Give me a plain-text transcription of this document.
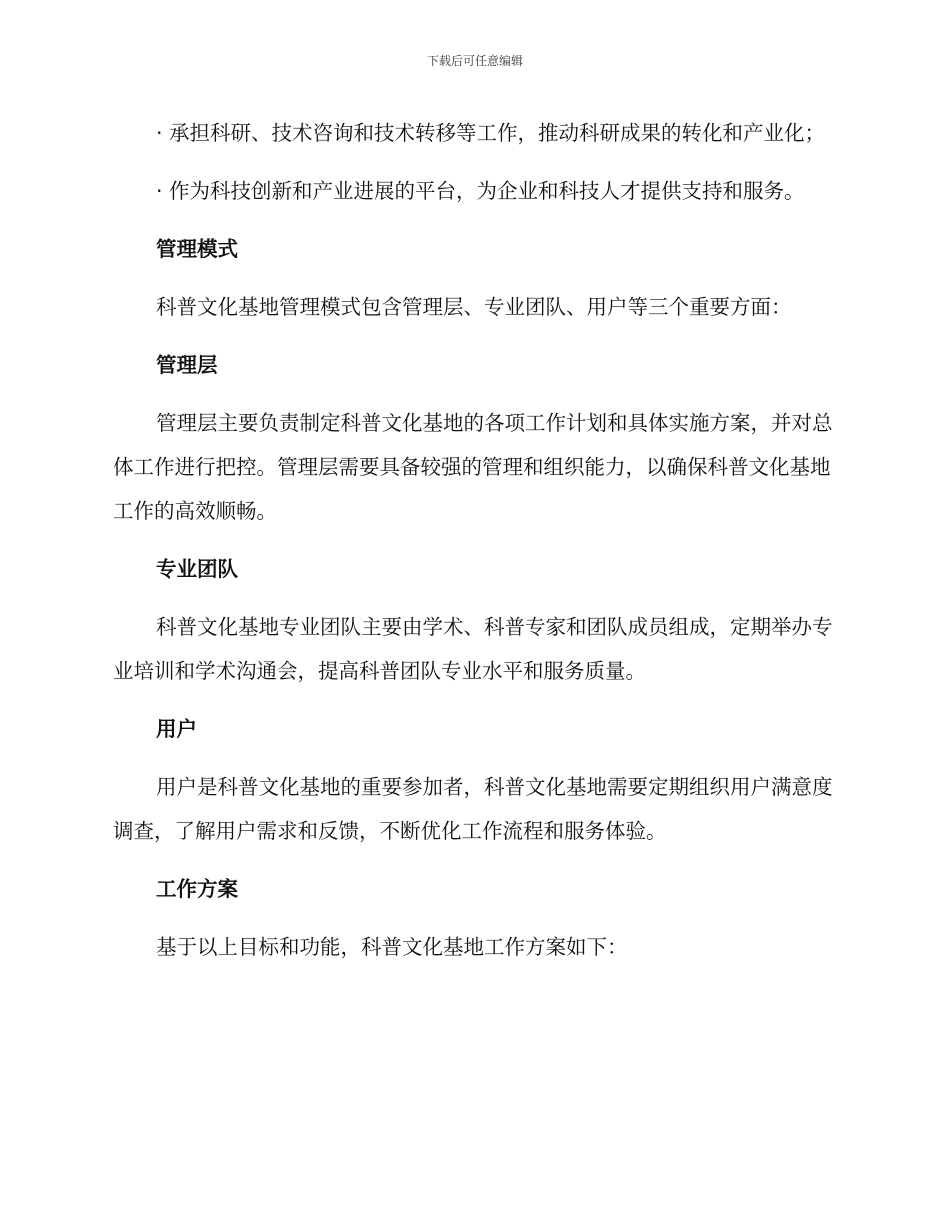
下载后可任意编辑

· 承担科研、技术咨询和技术转移等工作，推动科研成果的转化和产业化；

· 作为科技创新和产业进展的平台，为企业和科技人才提供支持和服务。

管理模式

科普文化基地管理模式包含管理层、专业团队、用户等三个重要方面：

管理层

管理层主要负责制定科普文化基地的各项工作计划和具体实施方案，并对总体工作进行把控。管理层需要具备较强的管理和组织能力，以确保科普文化基地工作的高效顺畅。

专业团队

科普文化基地专业团队主要由学术、科普专家和团队成员组成，定期举办专业培训和学术沟通会，提高科普团队专业水平和服务质量。

用户

用户是科普文化基地的重要参加者，科普文化基地需要定期组织用户满意度调查，了解用户需求和反馈，不断优化工作流程和服务体验。

工作方案

基于以上目标和功能，科普文化基地工作方案如下：
